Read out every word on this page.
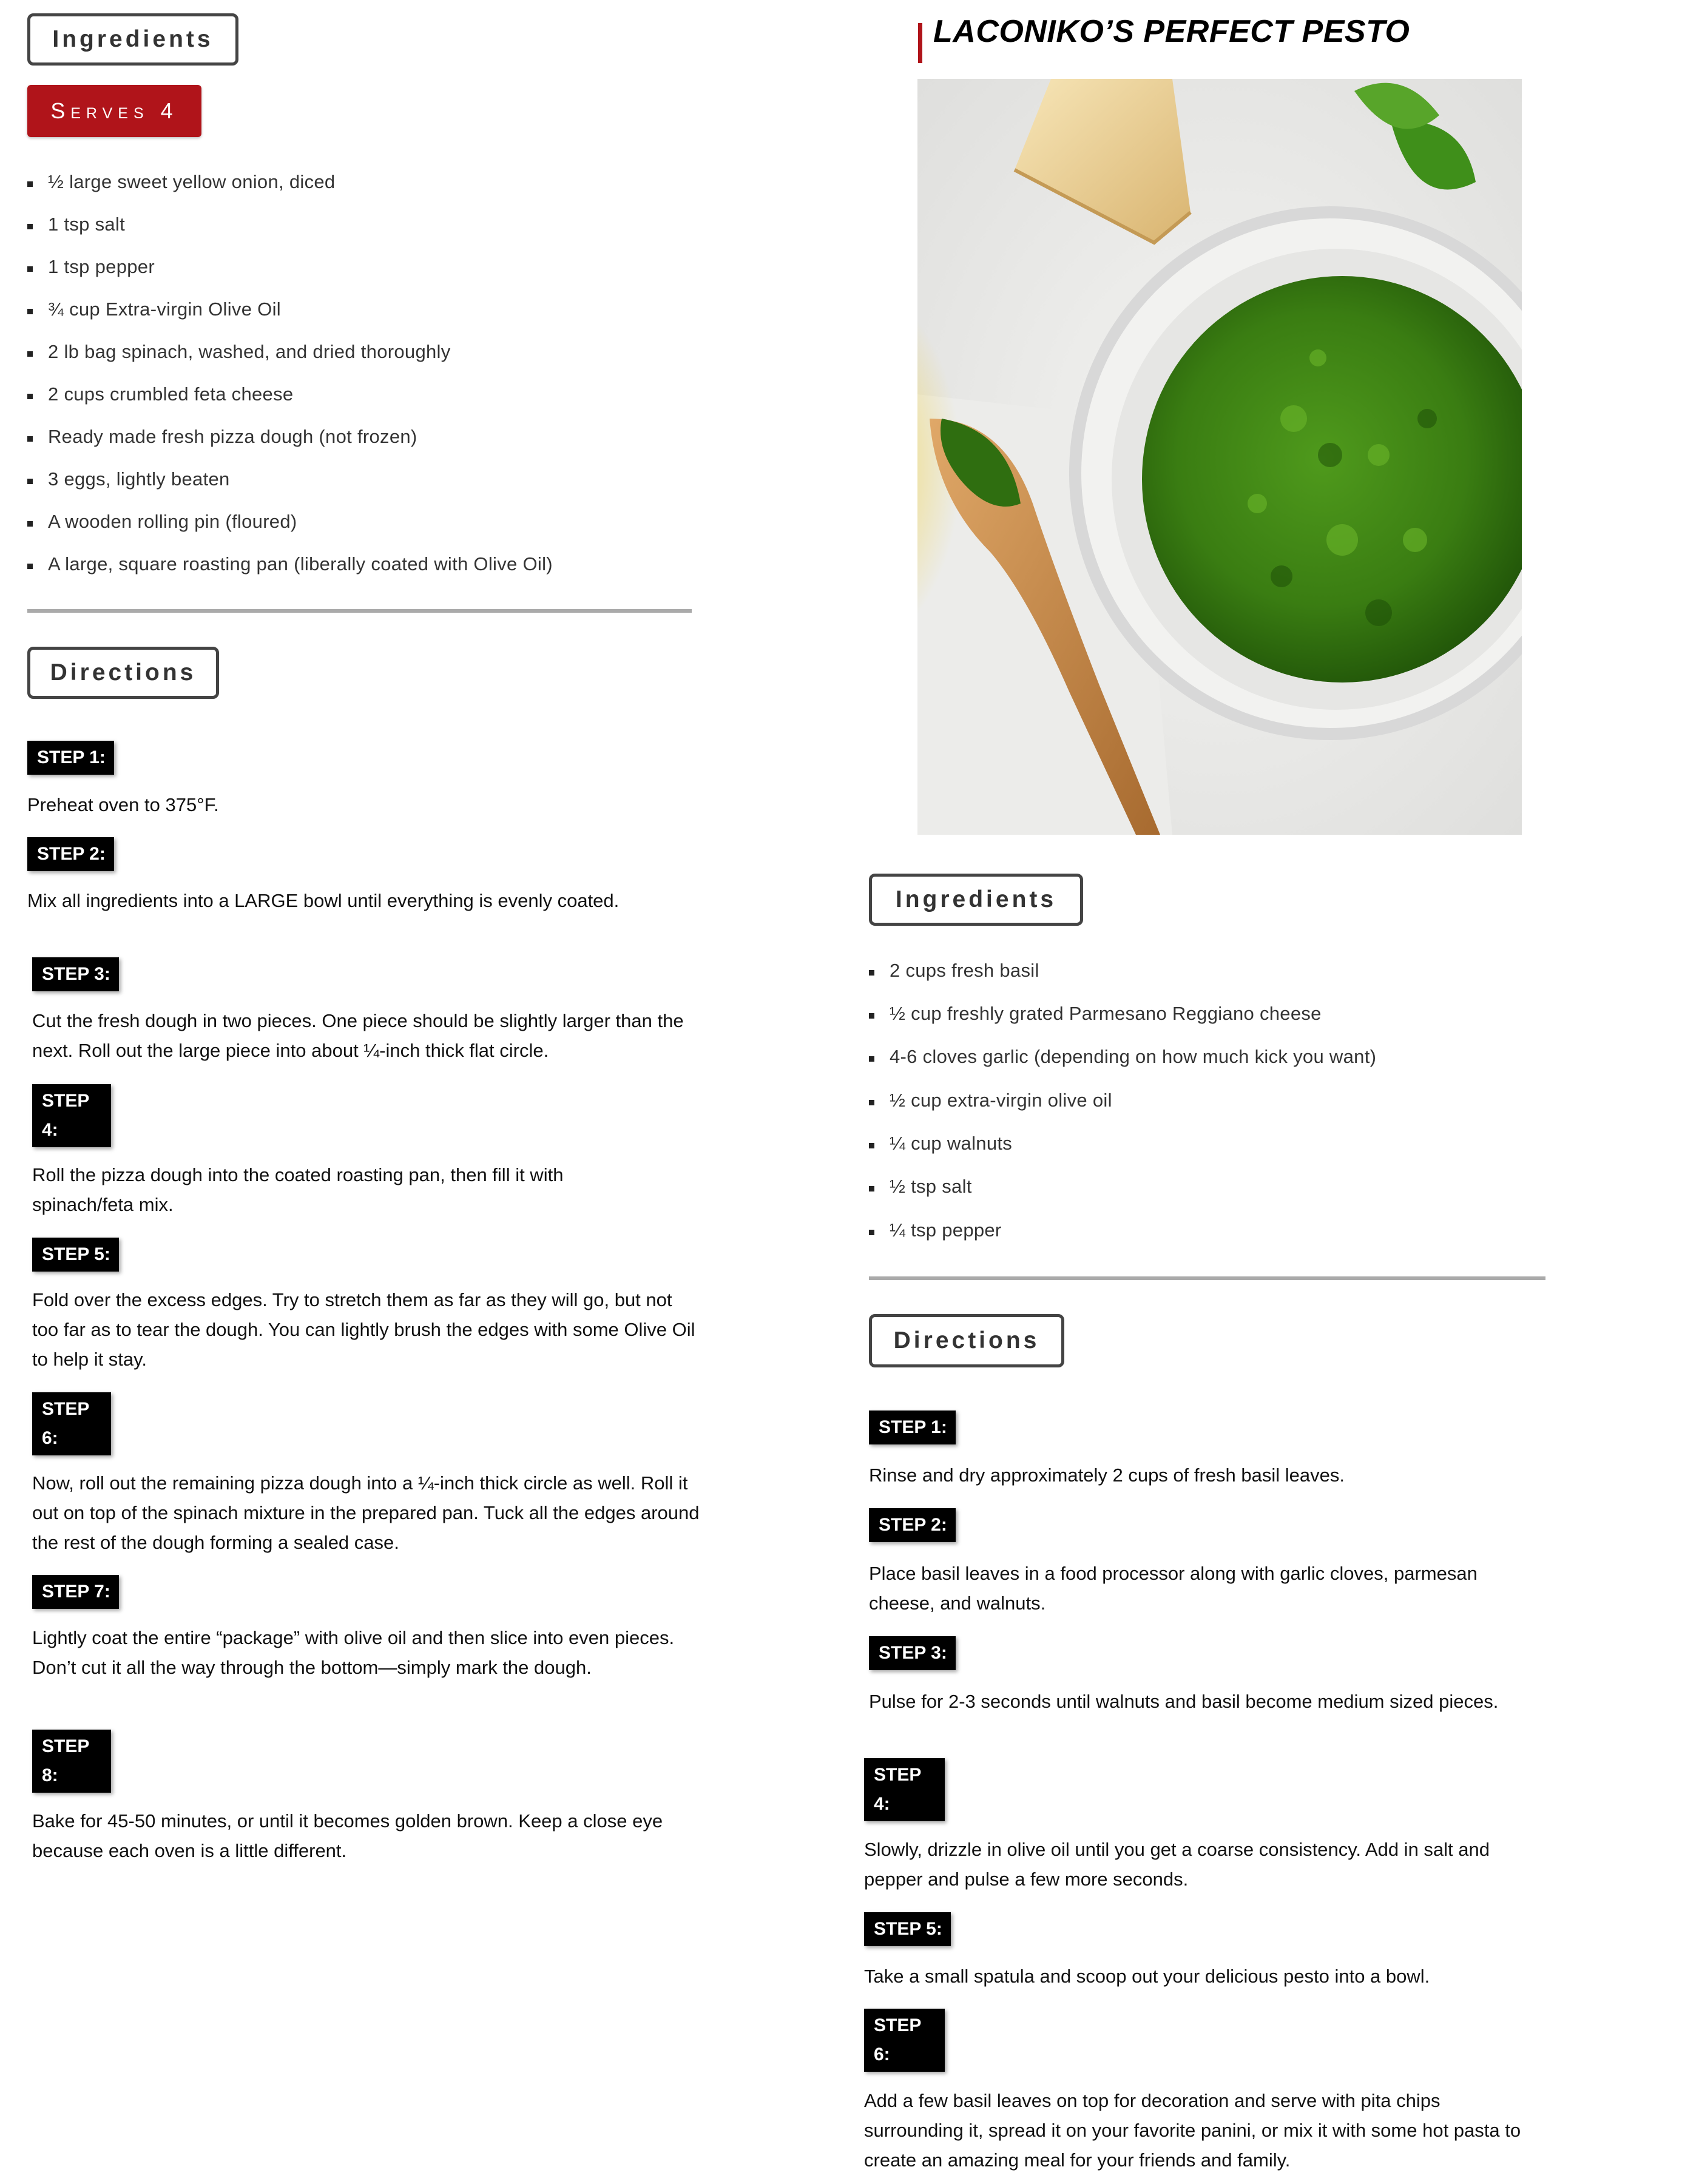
Ingredients
Serves 4
½ large sweet yellow onion, diced
1 tsp salt
1 tsp pepper
¾ cup Extra-virgin Olive Oil
2 lb bag spinach, washed, and dried thoroughly
2 cups crumbled feta cheese
Ready made fresh pizza dough (not frozen)
3 eggs, lightly beaten
A wooden rolling pin (floured)
A large, square roasting pan (liberally coated with Olive Oil)
Directions
STEP 1:
Preheat oven to 375°F.
STEP 2:
Mix all ingredients into a LARGE bowl until everything is evenly coated.
STEP 3:
Cut the fresh dough in two pieces. One piece should be slightly larger than the next. Roll out the large piece into about ¼-inch thick flat circle.
STEP 4:
Roll the pizza dough into the coated roasting pan, then fill it with spinach/feta mix.
STEP 5:
Fold over the excess edges. Try to stretch them as far as they will go, but not too far as to tear the dough. You can lightly brush the edges with some Olive Oil to help it stay.
STEP 6:
Now, roll out the remaining pizza dough into a ¼-inch thick circle as well. Roll it out on top of the spinach mixture in the prepared pan. Tuck all the edges around the rest of the dough forming a sealed case.
STEP 7:
Lightly coat the entire “package” with olive oil and then slice into even pieces. Don’t cut it all the way through the bottom—simply mark the dough.
STEP 8:
Bake for 45-50 minutes, or until it becomes golden brown. Keep a close eye because each oven is a little different.
LACONIKO’S PERFECT PESTO
Ingredients
2 cups fresh basil
½ cup freshly grated Parmesano Reggiano cheese
4-6 cloves garlic (depending on how much kick you want)
½ cup extra-virgin olive oil
¼ cup walnuts
½ tsp salt
¼ tsp pepper
Directions
STEP 1:
Rinse and dry approximately 2 cups of fresh basil leaves.
STEP 2:
Place basil leaves in a food processor along with garlic cloves, parmesan cheese, and walnuts.
STEP 3:
Pulse for 2-3 seconds until walnuts and basil become medium sized pieces.
STEP 4:
Slowly, drizzle in olive oil until you get a coarse consistency. Add in salt and pepper and pulse a few more seconds.
STEP 5:
Take a small spatula and scoop out your delicious pesto into a bowl.
STEP 6:
Add a few basil leaves on top for decoration and serve with pita chips surrounding it, spread it on your favorite panini, or mix it with some hot pasta to create an amazing meal for your friends and family.
